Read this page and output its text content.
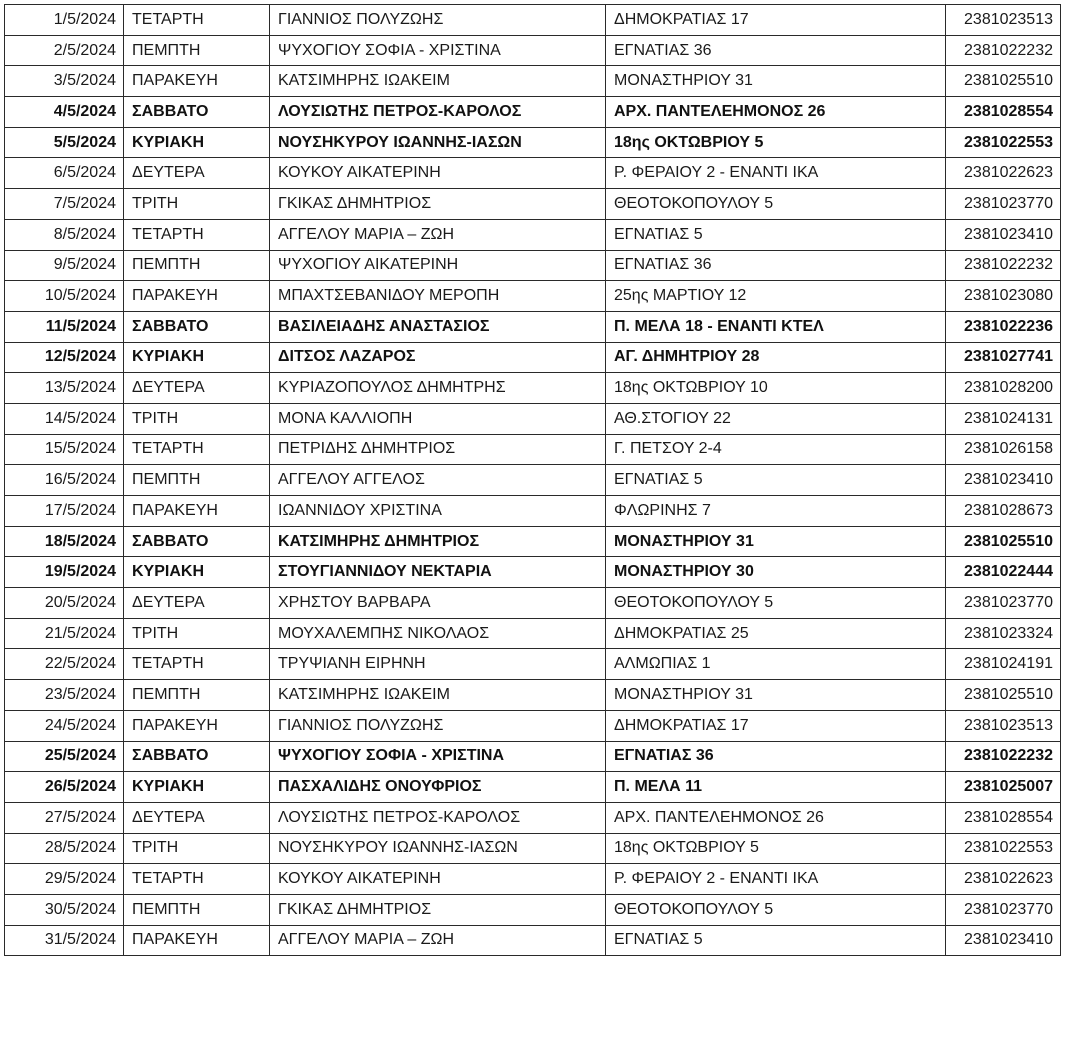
1/5/2024	ΤΕΤΑΡΤΗ	ΓΙΑΝΝΙΟΣ ΠΟΛΥΖΩΗΣ	ΔΗΜΟΚΡΑΤΙΑΣ 17	2381023513
2/5/2024	ΠΕΜΠΤΗ	ΨΥΧΟΓΙΟΥ ΣΟΦΙΑ - ΧΡΙΣΤΙΝΑ	ΕΓΝΑΤΙΑΣ 36	2381022232
3/5/2024	ΠΑΡΑΚΕΥΗ	ΚΑΤΣΙΜΗΡΗΣ ΙΩΑΚΕΙΜ	ΜΟΝΑΣΤΗΡΙΟΥ 31	2381025510
4/5/2024	ΣΑΒΒΑΤΟ	ΛΟΥΣΙΩΤΗΣ ΠΕΤΡΟΣ-ΚΑΡΟΛΟΣ	ΑΡΧ. ΠΑΝΤΕΛΕΗΜΟΝΟΣ 26	2381028554
5/5/2024	ΚΥΡΙΑΚΗ	ΝΟΥΣΗΚΥΡΟΥ ΙΩΑΝΝΗΣ-ΙΑΣΩΝ	18ης ΟΚΤΩΒΡΙΟΥ 5	2381022553
6/5/2024	ΔΕΥΤΕΡΑ	ΚΟΥΚΟΥ ΑΙΚΑΤΕΡΙΝΗ	Ρ. ΦΕΡΑΙΟΥ 2 - ΕΝΑΝΤΙ ΙΚΑ	2381022623
7/5/2024	ΤΡΙΤΗ	ΓΚΙΚΑΣ ΔΗΜΗΤΡΙΟΣ	ΘΕΟΤΟΚΟΠΟΥΛΟΥ 5	2381023770
8/5/2024	ΤΕΤΑΡΤΗ	ΑΓΓΕΛΟΥ ΜΑΡΙΑ – ΖΩΗ	ΕΓΝΑΤΙΑΣ 5	2381023410
9/5/2024	ΠΕΜΠΤΗ	ΨΥΧΟΓΙΟΥ ΑΙΚΑΤΕΡΙΝΗ	ΕΓΝΑΤΙΑΣ 36	2381022232
10/5/2024	ΠΑΡΑΚΕΥΗ	ΜΠΑΧΤΣΕΒΑΝΙΔΟΥ ΜΕΡΟΠΗ	25ης ΜΑΡΤΙΟΥ 12	2381023080
11/5/2024	ΣΑΒΒΑΤΟ	ΒΑΣΙΛΕΙΑΔΗΣ ΑΝΑΣΤΑΣΙΟΣ	Π. ΜΕΛΑ 18 - ΕΝΑΝΤΙ ΚΤΕΛ	2381022236
12/5/2024	ΚΥΡΙΑΚΗ	ΔΙΤΣΟΣ ΛΑΖΑΡΟΣ	ΑΓ. ΔΗΜΗΤΡΙΟΥ 28	2381027741
13/5/2024	ΔΕΥΤΕΡΑ	ΚΥΡΙΑΖΟΠΟΥΛΟΣ ΔΗΜΗΤΡΗΣ	18ης ΟΚΤΩΒΡΙΟΥ 10	2381028200
14/5/2024	ΤΡΙΤΗ	ΜΟΝΑ ΚΑΛΛΙΟΠΗ	ΑΘ.ΣΤΟΓΙΟΥ 22	2381024131
15/5/2024	ΤΕΤΑΡΤΗ	ΠΕΤΡΙΔΗΣ ΔΗΜΗΤΡΙΟΣ	Γ. ΠΕΤΣΟΥ 2-4	2381026158
16/5/2024	ΠΕΜΠΤΗ	ΑΓΓΕΛΟΥ ΑΓΓΕΛΟΣ	ΕΓΝΑΤΙΑΣ 5	2381023410
17/5/2024	ΠΑΡΑΚΕΥΗ	ΙΩΑΝΝΙΔΟΥ ΧΡΙΣΤΙΝΑ	ΦΛΩΡΙΝΗΣ 7	2381028673
18/5/2024	ΣΑΒΒΑΤΟ	ΚΑΤΣΙΜΗΡΗΣ ΔΗΜΗΤΡΙΟΣ	ΜΟΝΑΣΤΗΡΙΟΥ 31	2381025510
19/5/2024	ΚΥΡΙΑΚΗ	ΣΤΟΥΓΙΑΝΝΙΔΟΥ ΝΕΚΤΑΡΙΑ	ΜΟΝΑΣΤΗΡΙΟΥ 30	2381022444
20/5/2024	ΔΕΥΤΕΡΑ	ΧΡΗΣΤΟΥ ΒΑΡΒΑΡΑ	ΘΕΟΤΟΚΟΠΟΥΛΟΥ 5	2381023770
21/5/2024	ΤΡΙΤΗ	ΜΟΥΧΑΛΕΜΠΗΣ ΝΙΚΟΛΑΟΣ	ΔΗΜΟΚΡΑΤΙΑΣ 25	2381023324
22/5/2024	ΤΕΤΑΡΤΗ	ΤΡΥΨΙΑΝΗ ΕΙΡΗΝΗ	ΑΛΜΩΠΙΑΣ 1	2381024191
23/5/2024	ΠΕΜΠΤΗ	ΚΑΤΣΙΜΗΡΗΣ ΙΩΑΚΕΙΜ	ΜΟΝΑΣΤΗΡΙΟΥ 31	2381025510
24/5/2024	ΠΑΡΑΚΕΥΗ	ΓΙΑΝΝΙΟΣ ΠΟΛΥΖΩΗΣ	ΔΗΜΟΚΡΑΤΙΑΣ 17	2381023513
25/5/2024	ΣΑΒΒΑΤΟ	ΨΥΧΟΓΙΟΥ ΣΟΦΙΑ - ΧΡΙΣΤΙΝΑ	ΕΓΝΑΤΙΑΣ 36	2381022232
26/5/2024	ΚΥΡΙΑΚΗ	ΠΑΣΧΑΛΙΔΗΣ ΟΝΟΥΦΡΙΟΣ	Π. ΜΕΛΑ 11	2381025007
27/5/2024	ΔΕΥΤΕΡΑ	ΛΟΥΣΙΩΤΗΣ ΠΕΤΡΟΣ-ΚΑΡΟΛΟΣ	ΑΡΧ. ΠΑΝΤΕΛΕΗΜΟΝΟΣ 26	2381028554
28/5/2024	ΤΡΙΤΗ	ΝΟΥΣΗΚΥΡΟΥ ΙΩΑΝΝΗΣ-ΙΑΣΩΝ	18ης ΟΚΤΩΒΡΙΟΥ 5	2381022553
29/5/2024	ΤΕΤΑΡΤΗ	ΚΟΥΚΟΥ ΑΙΚΑΤΕΡΙΝΗ	Ρ. ΦΕΡΑΙΟΥ 2 - ΕΝΑΝΤΙ ΙΚΑ	2381022623
30/5/2024	ΠΕΜΠΤΗ	ΓΚΙΚΑΣ ΔΗΜΗΤΡΙΟΣ	ΘΕΟΤΟΚΟΠΟΥΛΟΥ 5	2381023770
31/5/2024	ΠΑΡΑΚΕΥΗ	ΑΓΓΕΛΟΥ ΜΑΡΙΑ – ΖΩΗ	ΕΓΝΑΤΙΑΣ 5	2381023410
